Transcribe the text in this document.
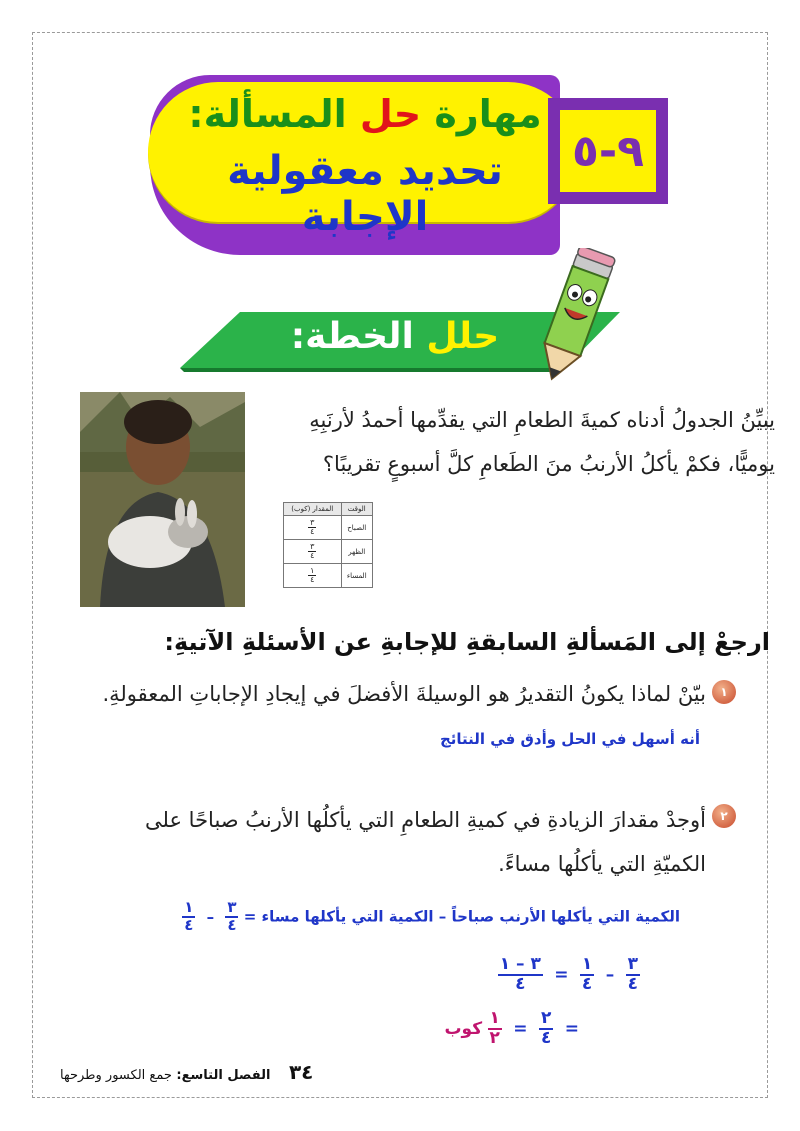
مهارة حل المسألة:
تحديد معقولية الإجابة
٩-٥
حلل الخطة:
يبيِّنُ الجدولُ أدناه كميةَ الطعامِ التي يقدِّمها أحمدُ لأرنَبِهِ
يوميًّا، فكمْ يأكلُ الأرنبُ منَ الطَعامِ كلَّ أسبوعٍ تقريبًا؟
الوقت	المقدار (كوب)
الصباح	$\frac{٣}{٤}$

الظهر	$\frac{٣}{٤}$

المساء	$\frac{١}{٤}$
ارجعْ إلى المَسألةِ السابقةِ للإجابةِ عن الأسئلةِ الآتيةِ:
١
بيّنْ لماذا يكونُ التقديرُ هو الوسيلةَ الأفضلَ في إيجادِ الإجاباتِ المعقولةِ.
أنه أسهل في الحل وأدق في النتائج
٢
أوجدْ مقدارَ الزيادةِ في كميةِ الطعامِ التي يأكلُها الأرنبُ صباحًا على
الكميّةِ التي يأكلُها مساءً.
الكمية التي يأكلها الأرنب صباحاً – الكمية التي يأكلها مساء =
$\frac{٣}{٤}$
–
$\frac{١}{٤}$
$\frac{٣}{٤}$
–
$\frac{١}{٤}$
=
$\frac{٣ - ١}{٤}$
=
$\frac{٢}{٤}$
=
$\frac{١}{٢}$
كوب
٣٤ الفصل التاسع: جمع الكسور وطرحها
